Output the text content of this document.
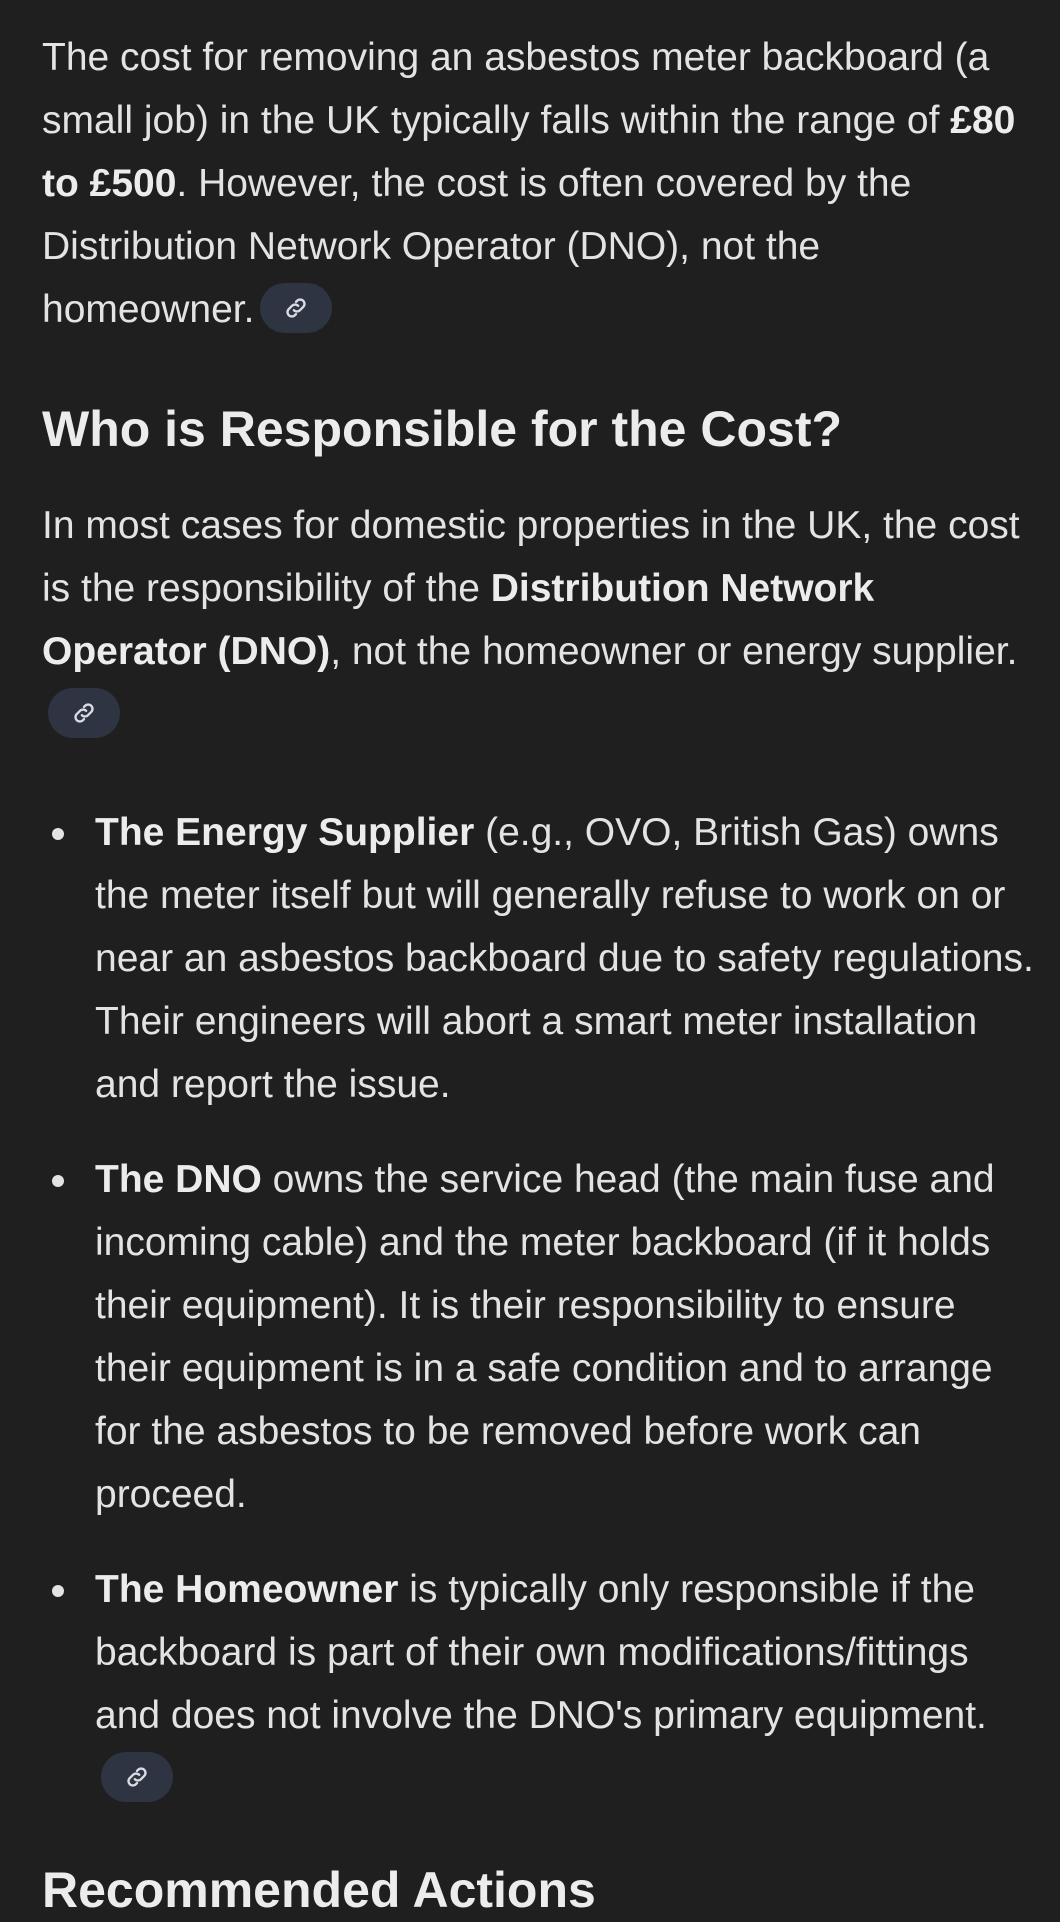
The cost for removing an asbestos meter backboard (a small job) in the UK typically falls within the range of £80 to £500. However, the cost is often covered by the Distribution Network Operator (DNO), not the homeowner.

Who is Responsible for the Cost?

In most cases for domestic properties in the UK, the cost is the responsibility of the Distribution Network Operator (DNO), not the homeowner or energy supplier.

The Energy Supplier (e.g., OVO, British Gas) owns the meter itself but will generally refuse to work on or near an asbestos backboard due to safety regulations. Their engineers will abort a smart meter installation and report the issue.
The DNO owns the service head (the main fuse and incoming cable) and the meter backboard (if it holds their equipment). It is their responsibility to ensure their equipment is in a safe condition and to arrange for the asbestos to be removed before work can proceed.
The Homeowner is typically only responsible if the backboard is part of their own modifications/fittings and does not involve the DNO's primary equipment.
Recommended Actions
